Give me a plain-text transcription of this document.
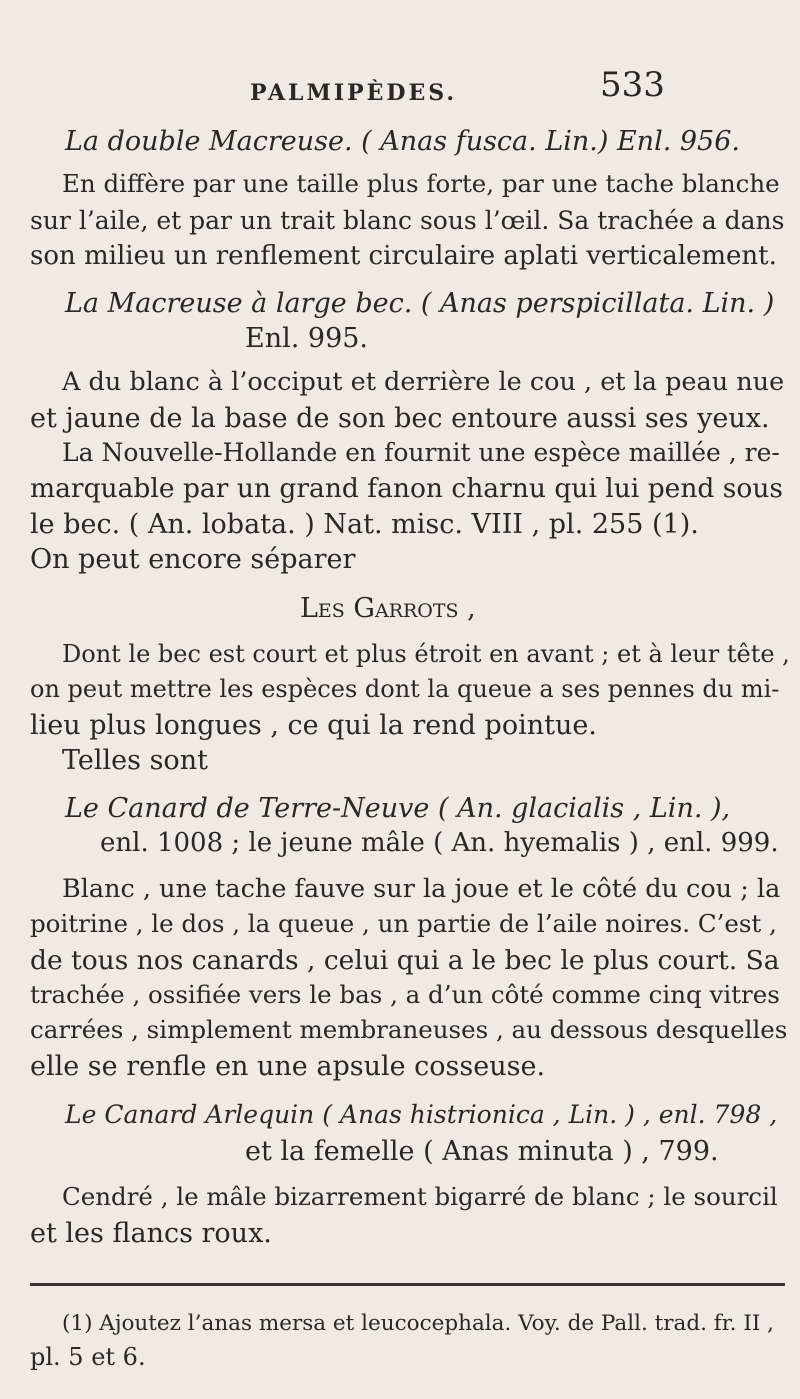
PALMIPÈDES.	533
La double Macreuse. ( Anas fusca. Lin.) Enl. 956.
En diffère par une taille plus forte, par une tache blanche
sur l’aile, et par un trait blanc sous l’œil. Sa trachée a dans
son milieu un renflement circulaire aplati verticalement.
La Macreuse à large bec. ( Anas perspicillata. Lin. )
Enl. 995.
A du blanc à l’occiput et derrière le cou , et la peau nue
et jaune de la base de son bec entoure aussi ses yeux.
La Nouvelle-Hollande en fournit une espèce maillée , re-
marquable par un grand fanon charnu qui lui pend sous
le bec. ( An. lobata. ) Nat. misc. VIII , pl. 255 (1).
On peut encore séparer
Les Garrots ,
Dont le bec est court et plus étroit en avant ; et à leur tête ,
on peut mettre les espèces dont la queue a ses pennes du mi-
lieu plus longues , ce qui la rend pointue.
Telles sont
Le Canard de Terre-Neuve ( An. glacialis , Lin. ),
enl. 1008 ; le jeune mâle ( An. hyemalis ) , enl. 999.
Blanc , une tache fauve sur la joue et le côté du cou ; la
poitrine , le dos , la queue , un partie de l’aile noires. C’est ,
de tous nos canards , celui qui a le bec le plus court. Sa
trachée , ossifiée vers le bas , a d’un côté comme cinq vitres
carrées , simplement membraneuses , au dessous desquelles
elle se renfle en une apsule cosseuse.
Le Canard Arlequin ( Anas histrionica , Lin. ) , enl. 798 ,
et la femelle ( Anas minuta ) , 799.
Cendré , le mâle bizarrement bigarré de blanc ; le sourcil
et les flancs roux.
(1) Ajoutez l’anas mersa et leucocephala. Voy. de Pall. trad. fr. II ,
pl. 5 et 6.
